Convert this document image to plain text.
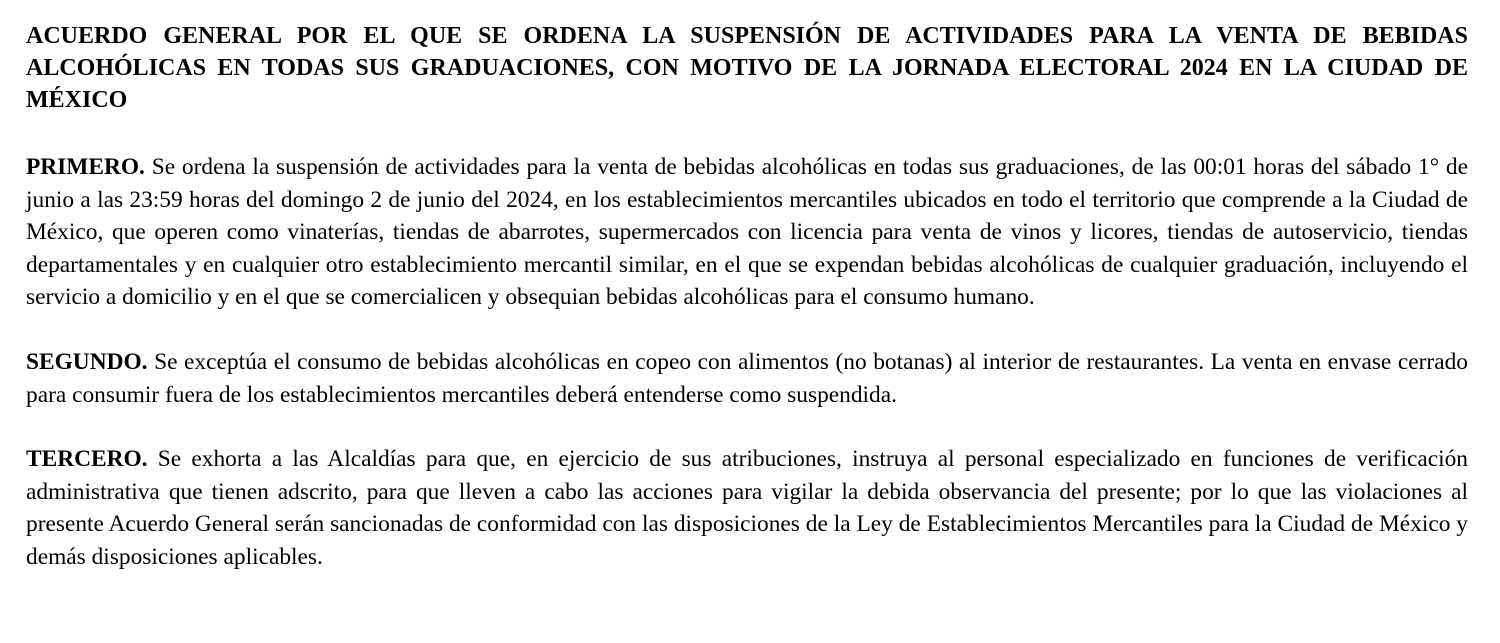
ACUERDO GENERAL POR EL QUE SE ORDENA LA SUSPENSIÓN DE ACTIVIDADES PARA LA VENTA DE BEBIDAS ALCOHÓLICAS EN TODAS SUS GRADUACIONES, CON MOTIVO DE LA JORNADA ELECTORAL 2024 EN LA CIUDAD DE MÉXICO

PRIMERO. Se ordena la suspensión de actividades para la venta de bebidas alcohólicas en todas sus graduaciones, de las 00:01 horas del sábado 1° de junio a las 23:59 horas del domingo 2 de junio del 2024, en los establecimientos mercantiles ubicados en todo el territorio que comprende a la Ciudad de México, que operen como vinaterías, tiendas de abarrotes, supermercados con licencia para venta de vinos y licores, tiendas de autoservicio, tiendas departamentales y en cualquier otro establecimiento mercantil similar, en el que se expendan bebidas alcohólicas de cualquier graduación, incluyendo el servicio a domicilio y en el que se comercialicen y obsequian bebidas alcohólicas para el consumo humano.

SEGUNDO. Se exceptúa el consumo de bebidas alcohólicas en copeo con alimentos (no botanas) al interior de restaurantes. La venta en envase cerrado para consumir fuera de los establecimientos mercantiles deberá entenderse como suspendida.

TERCERO. Se exhorta a las Alcaldías para que, en ejercicio de sus atribuciones, instruya al personal especializado en funciones de verificación administrativa que tienen adscrito, para que lleven a cabo las acciones para vigilar la debida observancia del presente; por lo que las violaciones al presente Acuerdo General serán sancionadas de conformidad con las disposiciones de la Ley de Establecimientos Mercantiles para la Ciudad de México y demás disposiciones aplicables.
